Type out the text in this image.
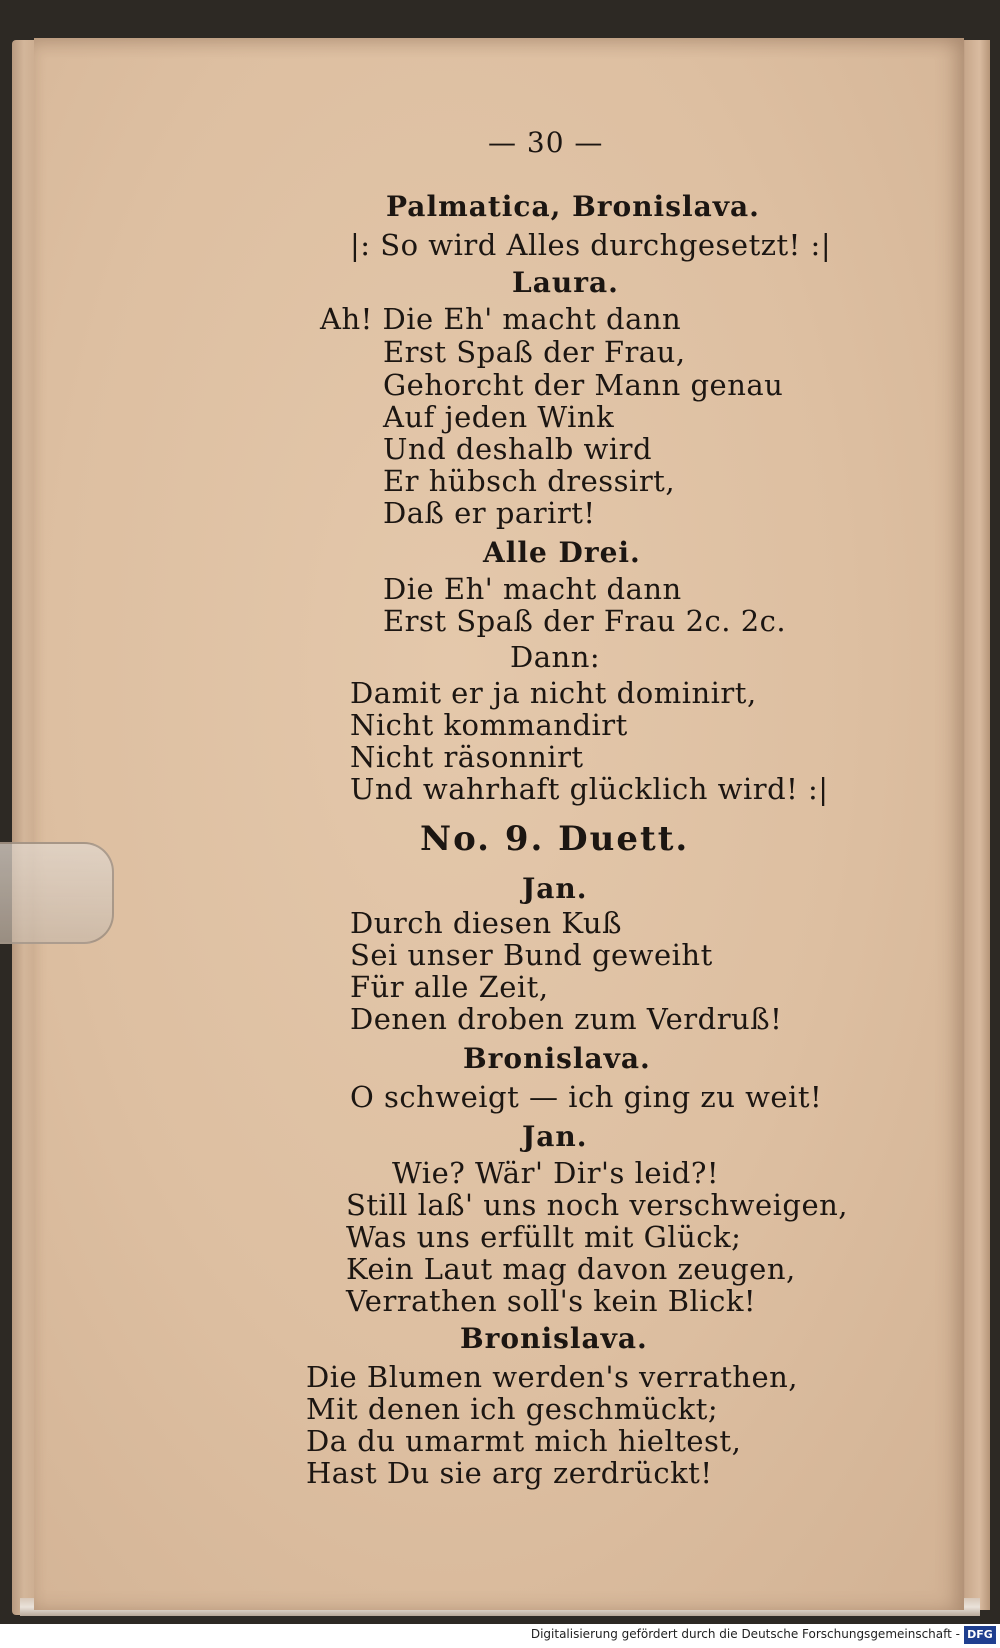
— 30 —
Palmatica, Bronislava.
|: So wird Alles durchgesetzt! :|
Laura.
Ah! Die Eh' macht dann
Erst Spaß der Frau,
Gehorcht der Mann genau
Auf jeden Wink
Und deshalb wird
Er hübsch dressirt,
Daß er parirt!
Alle Drei.
Die Eh' macht dann
Erst Spaß der Frau 2c. 2c.
Dann:
Damit er ja nicht dominirt,
Nicht kommandirt
Nicht räsonnirt
Und wahrhaft glücklich wird! :|
No. 9. Duett.
Jan.
Durch diesen Kuß
Sei unser Bund geweiht
Für alle Zeit,
Denen droben zum Verdruß!
Bronislava.
O schweigt — ich ging zu weit!
Jan.
Wie? Wär' Dir's leid?!
Still laß' uns noch verschweigen,
Was uns erfüllt mit Glück;
Kein Laut mag davon zeugen,
Verrathen soll's kein Blick!
Bronislava.
Die Blumen werden's verrathen,
Mit denen ich geschmückt;
Da du umarmt mich hieltest,
Hast Du sie arg zerdrückt!
Digitalisierung gefördert durch die Deutsche Forschungsgemeinschaft - DFG
